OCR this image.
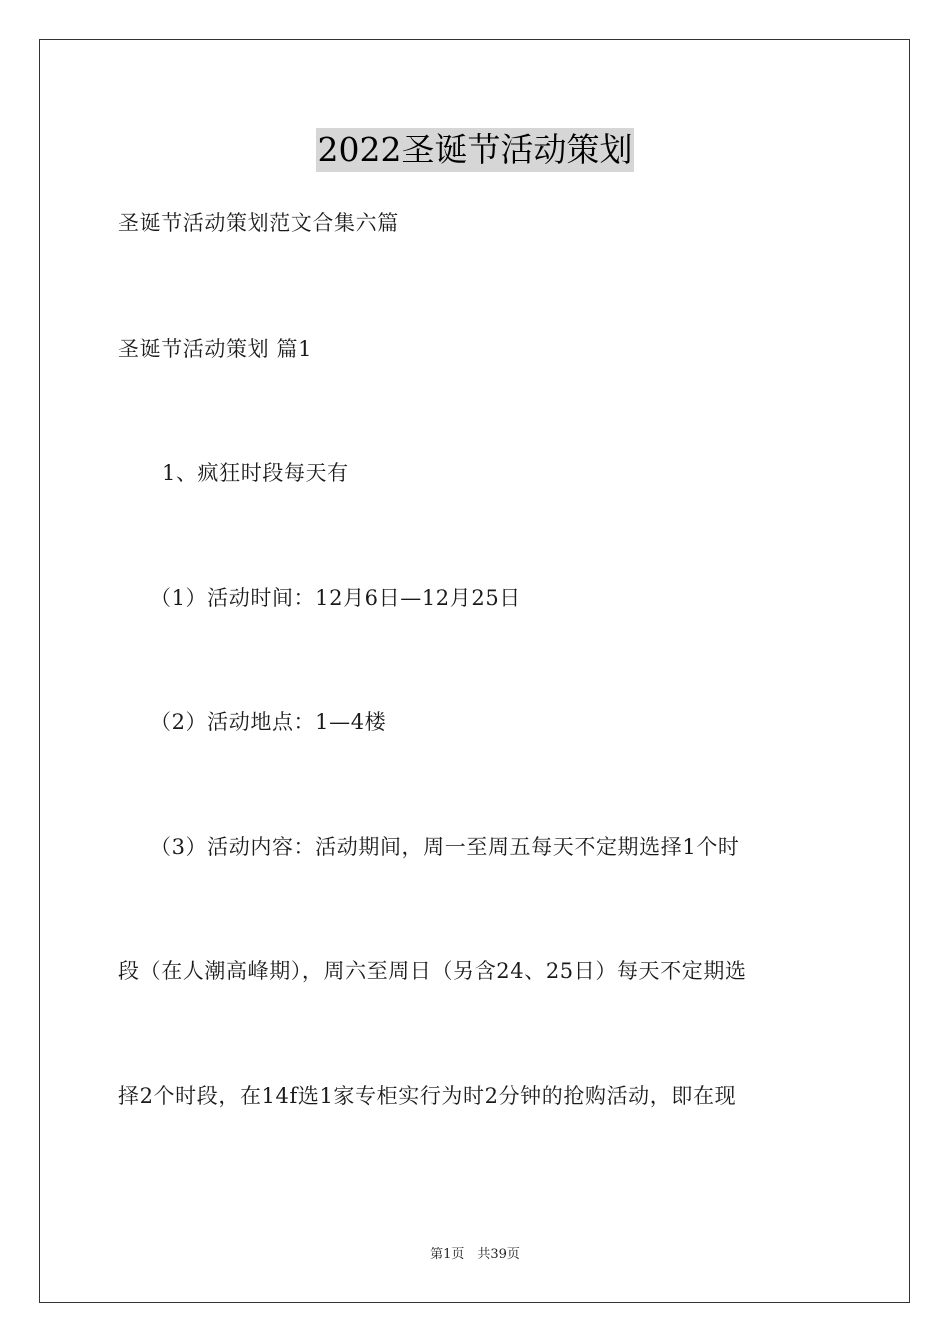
2022圣诞节活动策划
圣诞节活动策划范文合集六篇
圣诞节活动策划 篇1
1、疯狂时段每天有
（1）活动时间：12月6日—12月25日
（2）活动地点：1—4楼
（3）活动内容：活动期间，周一至周五每天不定期选择1个时
段（在人潮高峰期），周六至周日（另含24、25日）每天不定期选
择2个时段，在14f选1家专柜实行为时2分钟的抢购活动，即在现
第1页　共39页
